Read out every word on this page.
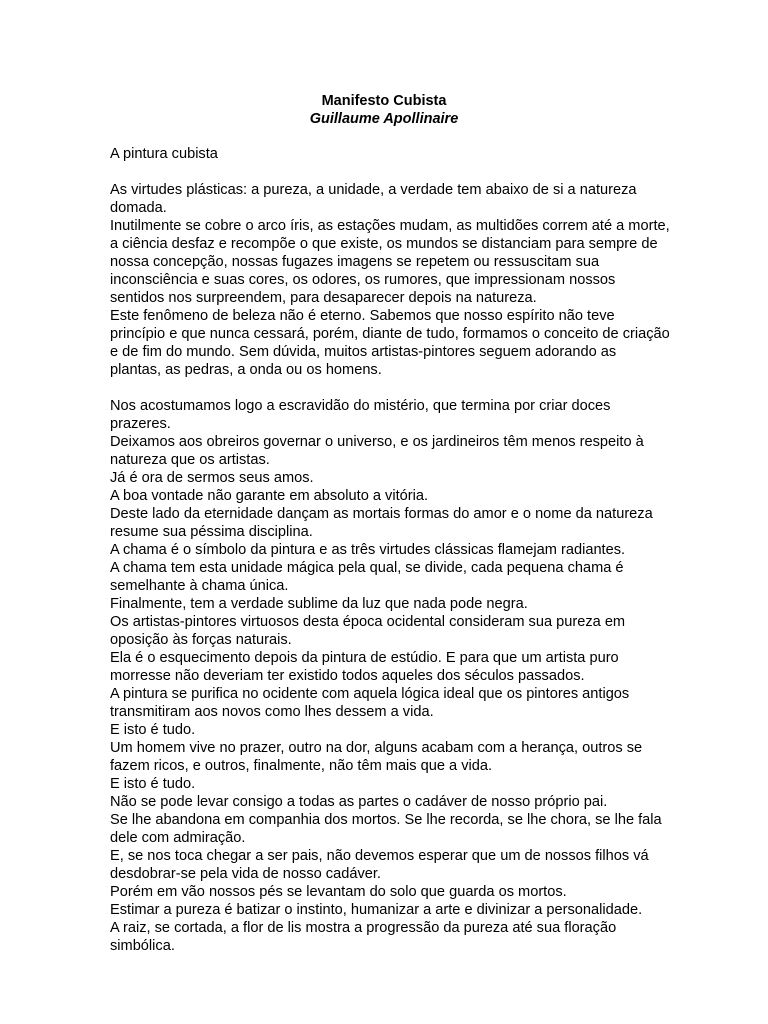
Manifesto Cubista
Guillaume Apollinaire

A pintura cubista

As virtudes plásticas: a pureza, a unidade, a verdade tem abaixo de si a natureza domada.

Inutilmente se cobre o arco íris, as estações mudam, as multidões correm até a morte, a ciência desfaz e recompõe o que existe, os mundos se distanciam para sempre de nossa concepção, nossas fugazes imagens se repetem ou ressuscitam sua inconsciência e suas cores, os odores, os rumores, que impressionam nossos sentidos nos surpreendem, para desaparecer depois na natureza.

Este fenômeno de beleza não é eterno. Sabemos que nosso espírito não teve princípio e que nunca cessará, porém, diante de tudo, formamos o conceito de criação e de fim do mundo. Sem dúvida, muitos artistas-pintores seguem adorando as plantas, as pedras, a onda ou os homens.

Nos acostumamos logo a escravidão do mistério, que termina por criar doces prazeres.

Deixamos aos obreiros governar o universo, e os jardineiros têm menos respeito à natureza que os artistas.

Já é ora de sermos seus amos.

A boa vontade não garante em absoluto a vitória.

Deste lado da eternidade dançam as mortais formas do amor e o nome da natureza resume sua péssima disciplina.

A chama é o símbolo da pintura e as três virtudes clássicas flamejam radiantes.

A chama tem esta unidade mágica pela qual, se divide, cada pequena chama é semelhante à chama única.

Finalmente, tem a verdade sublime da luz que nada pode negra.

Os artistas-pintores virtuosos desta época ocidental consideram sua pureza em oposição às forças naturais.

Ela é o esquecimento depois da pintura de estúdio. E para que um artista puro morresse não deveriam ter existido todos aqueles dos séculos passados.

A pintura se purifica no ocidente com aquela lógica ideal que os pintores antigos transmitiram aos novos como lhes dessem a vida.

E isto é tudo.

Um homem vive no prazer, outro na dor, alguns acabam com a herança, outros se fazem ricos, e outros, finalmente, não têm mais que a vida.

E isto é tudo.

Não se pode levar consigo a todas as partes o cadáver de nosso próprio pai.

Se lhe abandona em companhia dos mortos. Se lhe recorda, se lhe chora, se lhe fala dele com admiração.

E, se nos toca chegar a ser pais, não devemos esperar que um de nossos filhos vá desdobrar-se pela vida de nosso cadáver.

Porém em vão nossos pés se levantam do solo que guarda os mortos.

Estimar a pureza é batizar o instinto, humanizar a arte e divinizar a personalidade.

A raiz, se cortada, a flor de lis mostra a progressão da pureza até sua floração simbólica.
